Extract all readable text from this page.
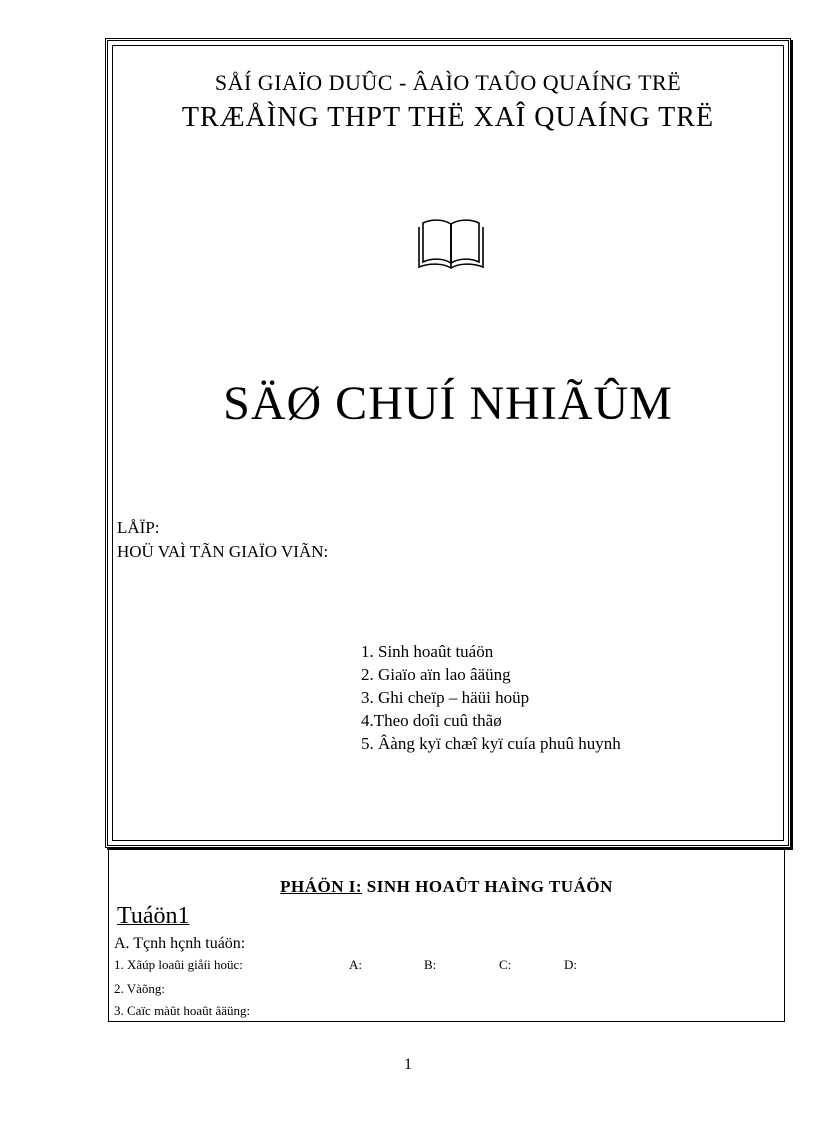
SÅÍ GIAÏO DUÛC - ÂAÌO TAÛO QUAÍNG TRË
TRÆÅÌNG THPT THË XAÎ QUAÍNG TRË
SÄØ CHUÍ NHIÃÛM
LÅÏP:
HOÜ VAÌ TÃN GIAÏO VIÃN:
1. Sinh hoaût tuáön
2. Giaïo aïn lao âäüng
3. Ghi cheïp – häüi hoüp
4.Theo doîi cuû thãø
5. Âàng kyï chæî kyï cuía phuû huynh
PHÁÖN I: SINH HOAÛT HAÌNG TUÁÖN
Tuáön1
A. Tçnh hçnh tuáön:
1. Xãúp loaûi giåíi hoüc:	A:	B:	C:	D:
2. Vàõng:
3. Caïc màût hoaût âäüng:
1
